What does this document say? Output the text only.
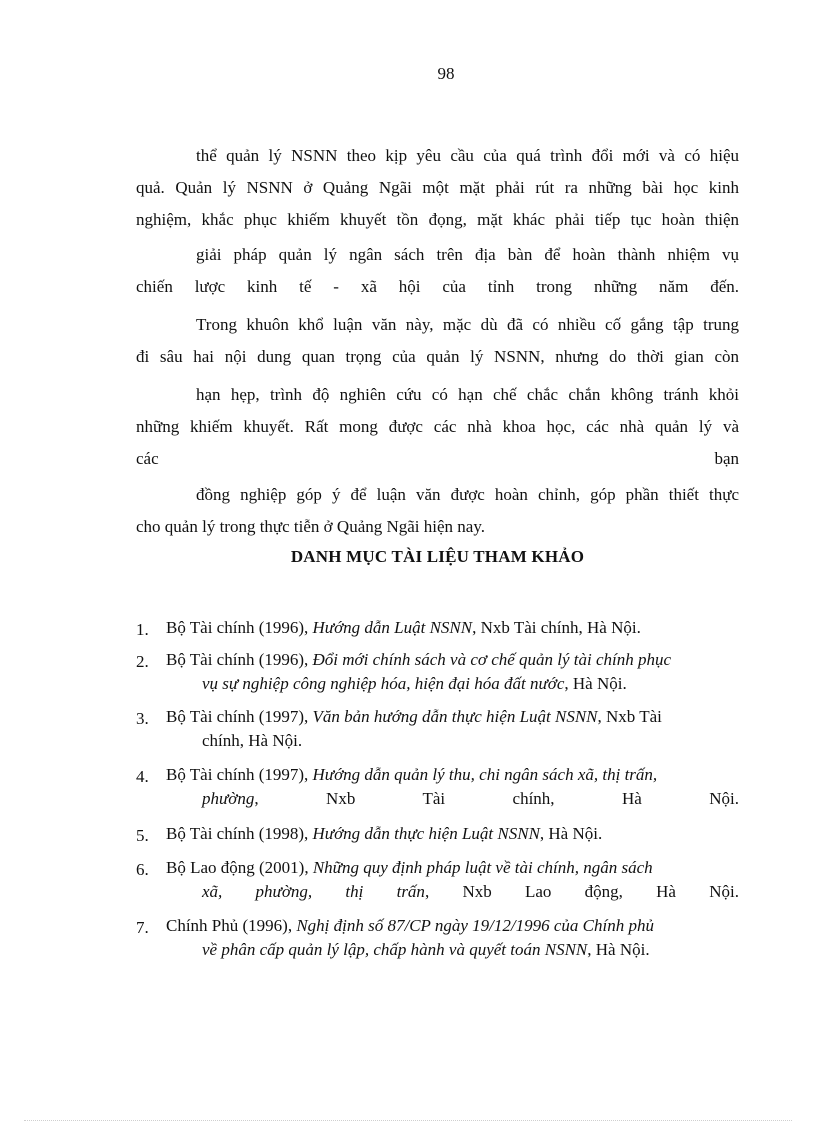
98
thể quản lý NSNN theo kịp yêu cầu của quá trình đổi mới và có hiệu
quả. Quản lý NSNN ở Quảng Ngãi một mặt phải rút ra những bài học kinh
nghiệm, khắc phục khiếm khuyết tồn đọng, mặt khác phải tiếp tục hoàn thiện
giải pháp quản lý ngân sách trên địa bàn để hoàn thành nhiệm vụ
chiến lược kinh tế - xã hội của tỉnh trong những năm đến.
Trong khuôn khổ luận văn này, mặc dù đã có nhiều cố gắng tập trung
đi sâu hai nội dung quan trọng của quản lý NSNN, nhưng do thời gian còn
hạn hẹp, trình độ nghiên cứu có hạn chế chắc chắn không tránh khỏi
những khiếm khuyết. Rất mong được các nhà khoa học, các nhà quản lý và
các bạn
đồng nghiệp góp ý để luận văn được hoàn chỉnh, góp phần thiết thực
cho quản lý trong thực tiễn ở Quảng Ngãi hiện nay.
DANH MỤC TÀI LIỆU THAM KHẢO
1.	Bộ Tài chính (1996), Hướng dẫn Luật NSNN, Nxb Tài chính, Hà Nội.
2.	Bộ Tài chính (1996), Đổi mới chính sách và cơ chế quản lý tài chính phục
vụ sự nghiệp công nghiệp hóa, hiện đại hóa đất nước, Hà Nội.
3.	Bộ Tài chính (1997), Văn bản hướng dẫn thực hiện Luật NSNN, Nxb Tài
chính, Hà Nội.
4.	Bộ Tài chính (1997), Hướng dẫn quản lý thu, chi ngân sách xã, thị trấn,
phường, Nxb Tài chính, Hà Nội.
5.	Bộ Tài chính (1998), Hướng dẫn thực hiện Luật NSNN, Hà Nội.
6.	Bộ Lao động (2001), Những quy định pháp luật về tài chính, ngân sách
xã, phường, thị trấn, Nxb Lao động, Hà Nội.
7.	Chính Phủ (1996), Nghị định số 87/CP ngày 19/12/1996 của Chính phủ
về phân cấp quản lý lập, chấp hành và quyết toán NSNN, Hà Nội.
